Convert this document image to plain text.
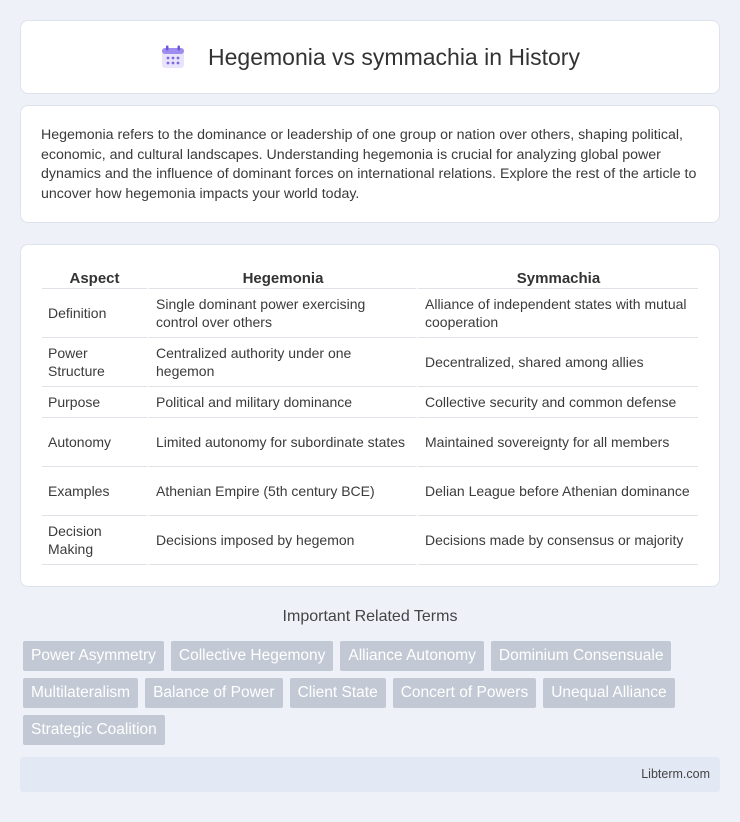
Hegemonia vs symmachia in History

Hegemonia refers to the dominance or leadership of one group or nation over others, shaping political, economic, and cultural landscapes. Understanding hegemonia is crucial for analyzing global power dynamics and the influence of dominant forces on international relations. Explore the rest of the article to uncover how hegemonia impacts your world today.

Aspect	Hegemonia	Symmachia
Definition	Single dominant power exercising control over others	Alliance of independent states with mutual cooperation
Power Structure	Centralized authority under one hegemon	Decentralized, shared among allies
Purpose	Political and military dominance	Collective security and common defense
Autonomy	Limited autonomy for subordinate states	Maintained sovereignty for all members
Examples	Athenian Empire (5th century BCE)	Delian League before Athenian dominance
Decision Making	Decisions imposed by hegemon	Decisions made by consensus or majority
Important Related Terms
Power Asymmetry	Collective Hegemony	Alliance Autonomy	Dominium Consensuale
Multilateralism	Balance of Power	Client State	Concert of Powers	Unequal Alliance
Strategic Coalition
Libterm.com
